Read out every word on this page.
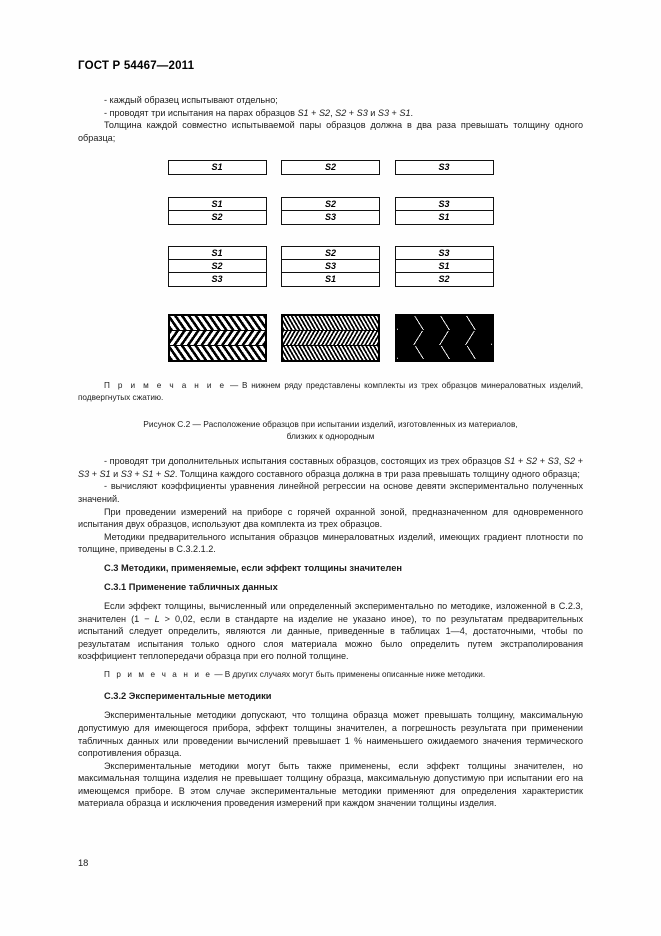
ГОСТ Р 54467—2011

- каждый образец испытывают отдельно;

- проводят три испытания на парах образцов S1 + S2, S2 + S3 и S3 + S1.

Толщина каждой совместно испытываемой пары образцов должна в два раза превышать толщину одного образца;

S1	S2	S3
S1
S2
S2
S3
S3
S1
S1
S2
S3
S2
S3
S1
S3
S1
S2

П р и м е ч а н и е — В нижнем ряду представлены комплекты из трех образцов минераловатных изделий, подвергнутых сжатию.

Рисунок С.2 — Расположение образцов при испытании изделий, изготовленных из материалов,
близких к однородным

- проводят три дополнительных испытания составных образцов, состоящих из трех образцов S1 + S2 + S3, S2 + S3 + S1 и S3 + S1 + S2. Толщина каждого составного образца должна в три раза превышать толщину одного образца;

- вычисляют коэффициенты уравнения линейной регрессии на основе девяти экспериментально полученных значений.

При проведении измерений на приборе с горячей охранной зоной, предназначенном для одновременного испытания двух образцов, используют два комплекта из трех образцов.

Методики предварительного испытания образцов минераловатных изделий, имеющих градиент плотности по толщине, приведены в С.3.2.1.2.

С.3 Методики, применяемые, если эффект толщины значителен

С.3.1 Применение табличных данных

Если эффект толщины, вычисленный или определенный экспериментально по методике, изложенной в С.2.3, значителен (1 − L > 0,02, если в стандарте на изделие не указано иное), то по результатам предварительных испытаний следует определить, являются ли данные, приведенные в таблицах 1—4, достаточными, чтобы по результатам испытания только одного слоя материала можно было определить путем экстраполирования коэффициент теплопередачи образца при его полной толщине.

П р и м е ч а н и е — В других случаях могут быть применены описанные ниже методики.

С.3.2 Экспериментальные методики

Экспериментальные методики допускают, что толщина образца может превышать толщину, максимальную допустимую для имеющегося прибора, эффект толщины значителен, а погрешность результата при применении табличных данных или проведении вычислений превышает 1 % наименьшего ожидаемого значения термического сопротивления образца.

Экспериментальные методики могут быть также применены, если эффект толщины значителен, но максимальная толщина изделия не превышает толщину образца, максимальную допустимую при испытании его на имеющемся приборе. В этом случае экспериментальные методики применяют для определения характеристик материала образца и исключения проведения измерений при каждом значении толщины изделия.

18
